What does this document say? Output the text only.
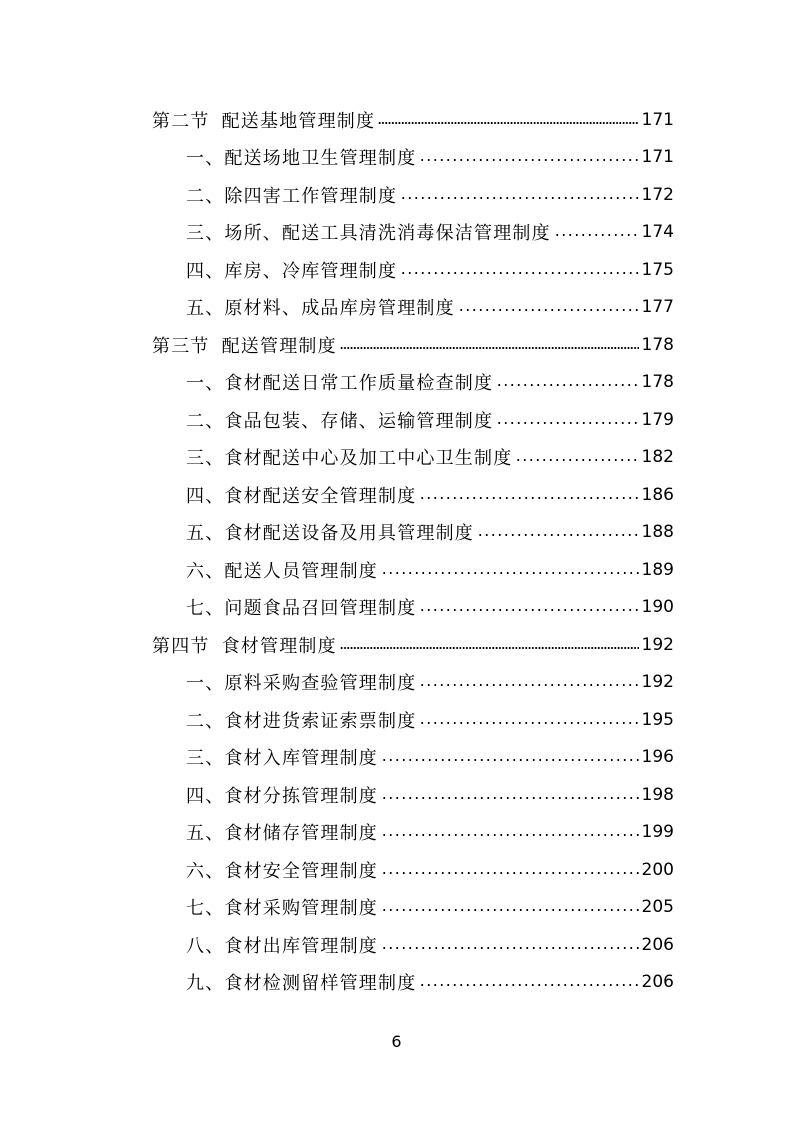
第二节 配送基地管理制度	171
一、配送场地卫生管理制度	171
二、除四害工作管理制度	172
三、场所、配送工具清洗消毒保洁管理制度	174
四、库房、冷库管理制度	175
五、原材料、成品库房管理制度	177
第三节 配送管理制度	178
一、食材配送日常工作质量检查制度	178
二、食品包装、存储、运输管理制度	179
三、食材配送中心及加工中心卫生制度	182
四、食材配送安全管理制度	186
五、食材配送设备及用具管理制度	188
六、配送人员管理制度	189
七、问题食品召回管理制度	190
第四节 食材管理制度	192
一、原料采购查验管理制度	192
二、食材进货索证索票制度	195
三、食材入库管理制度	196
四、食材分拣管理制度	198
五、食材储存管理制度	199
六、食材安全管理制度	200
七、食材采购管理制度	205
八、食材出库管理制度	206
九、食材检测留样管理制度	206
6
